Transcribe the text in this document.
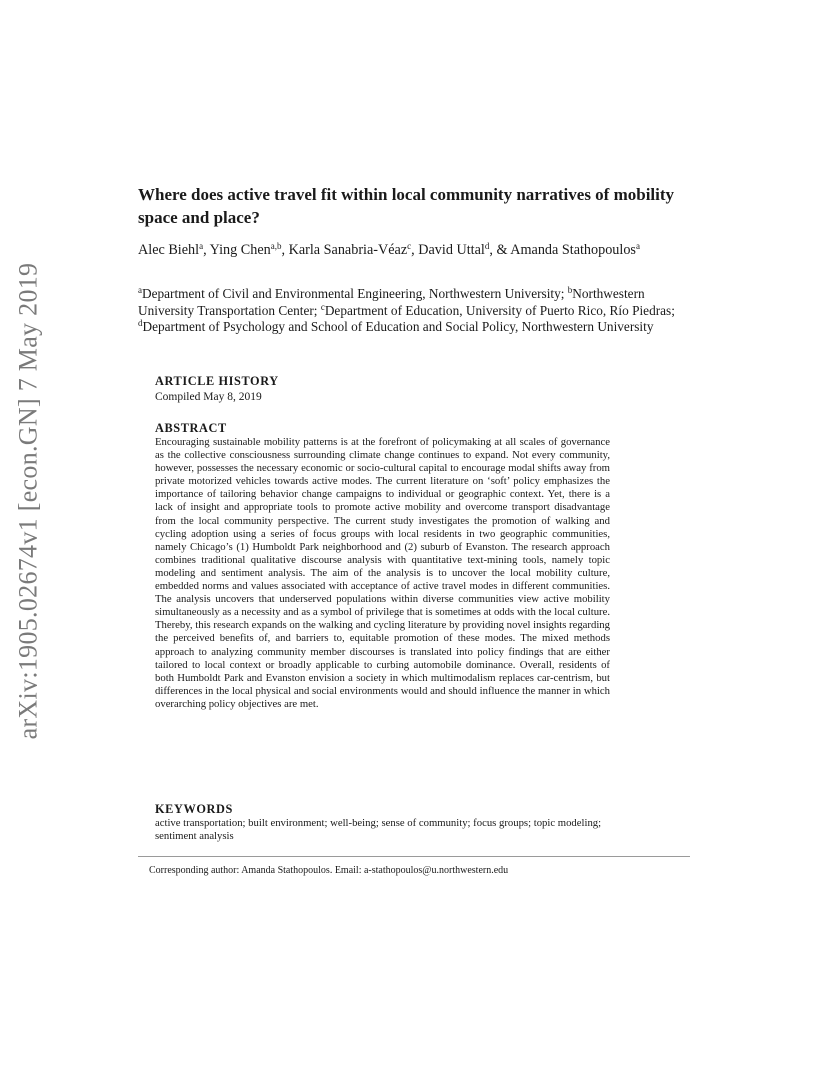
arXiv:1905.02674v1 [econ.GN] 7 May 2019
Where does active travel fit within local community narratives of mobility space and place?
Alec Biehl$^a$, Ying Chen$^{a,b}$, Karla Sanabria-Véaz$^c$, David Uttal$^d$, & Amanda Stathopoulos$^a$
$^a$Department of Civil and Environmental Engineering, Northwestern University; $^b$Northwestern University Transportation Center; $^c$Department of Education, University of Puerto Rico, Río Piedras; $^d$Department of Psychology and School of Education and Social Policy, Northwestern University
ARTICLE HISTORY
Compiled May 8, 2019
ABSTRACT

Encouraging sustainable mobility patterns is at the forefront of policymaking at all scales of governance as the collective consciousness surrounding climate change continues to expand. Not every community, however, possesses the necessary economic or socio-cultural capital to encourage modal shifts away from private motorized vehicles towards active modes. The current literature on ‘soft’ policy emphasizes the importance of tailoring behavior change campaigns to individual or geographic context. Yet, there is a lack of insight and appropriate tools to promote active mobility and overcome transport disadvantage from the local community perspective. The current study investigates the promotion of walking and cycling adoption using a series of focus groups with local residents in two geographic communities, namely Chicago’s (1) Humboldt Park neighborhood and (2) suburb of Evanston. The research approach combines traditional qualitative discourse analysis with quantitative text-mining tools, namely topic modeling and sentiment analysis. The aim of the analysis is to uncover the local mobility culture, embedded norms and values associated with acceptance of active travel modes in different communities. The analysis uncovers that underserved populations within diverse communities view active mobility simultaneously as a necessity and as a symbol of privilege that is sometimes at odds with the local culture. Thereby, this research expands on the walking and cycling literature by providing novel insights regarding the perceived benefits of, and barriers to, equitable promotion of these modes. The mixed methods approach to analyzing community member discourses is translated into policy findings that are either tailored to local context or broadly applicable to curbing automobile dominance. Overall, residents of both Humboldt Park and Evanston envision a society in which multimodalism replaces car-centrism, but differences in the local physical and social environments would and should influence the manner in which overarching policy objectives are met.

KEYWORDS

active transportation; built environment; well-being; sense of community; focus groups; topic modeling; sentiment analysis

Corresponding author: Amanda Stathopoulos. Email: a-stathopoulos@u.northwestern.edu
